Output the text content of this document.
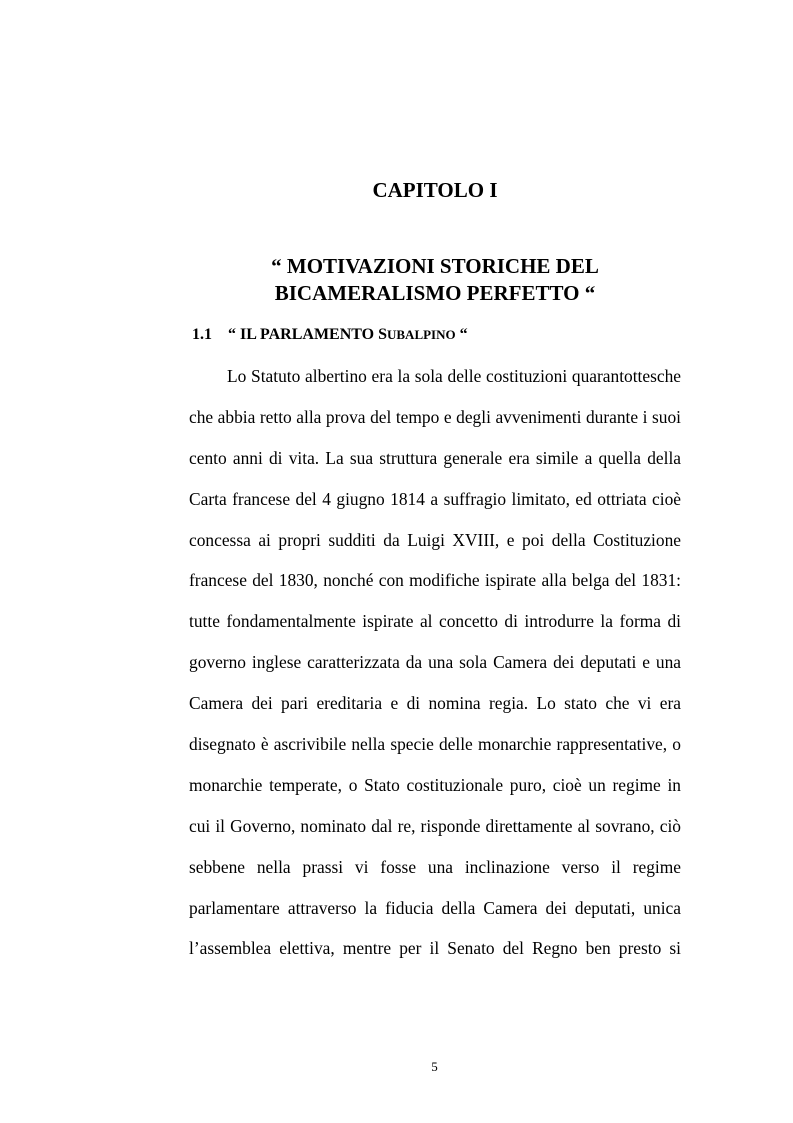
CAPITOLO I
“ MOTIVAZIONI STORICHE DEL
BICAMERALISMO PERFETTO “
1.1 “ IL PARLAMENTO SUBALPINO “
Lo Statuto albertino era la sola delle costituzioni quarantottesche
che abbia retto alla prova del tempo e degli avvenimenti durante i suoi
cento anni di vita. La sua struttura generale era simile a quella della
Carta francese del 4 giugno 1814 a suffragio limitato, ed ottriata cioè
concessa ai propri sudditi da Luigi XVIII, e poi della Costituzione
francese del 1830, nonché con modifiche ispirate alla belga del 1831:
tutte fondamentalmente ispirate al concetto di introdurre la forma di
governo inglese caratterizzata da una sola Camera dei deputati e una
Camera dei pari ereditaria e di nomina regia. Lo stato che vi era
disegnato è ascrivibile nella specie delle monarchie rappresentative, o
monarchie temperate, o Stato costituzionale puro, cioè un regime in
cui il Governo, nominato dal re, risponde direttamente al sovrano, ciò
sebbene nella prassi vi fosse una inclinazione verso il regime
parlamentare attraverso la fiducia della Camera dei deputati, unica
l’assemblea elettiva, mentre per il Senato del Regno ben presto si
5
